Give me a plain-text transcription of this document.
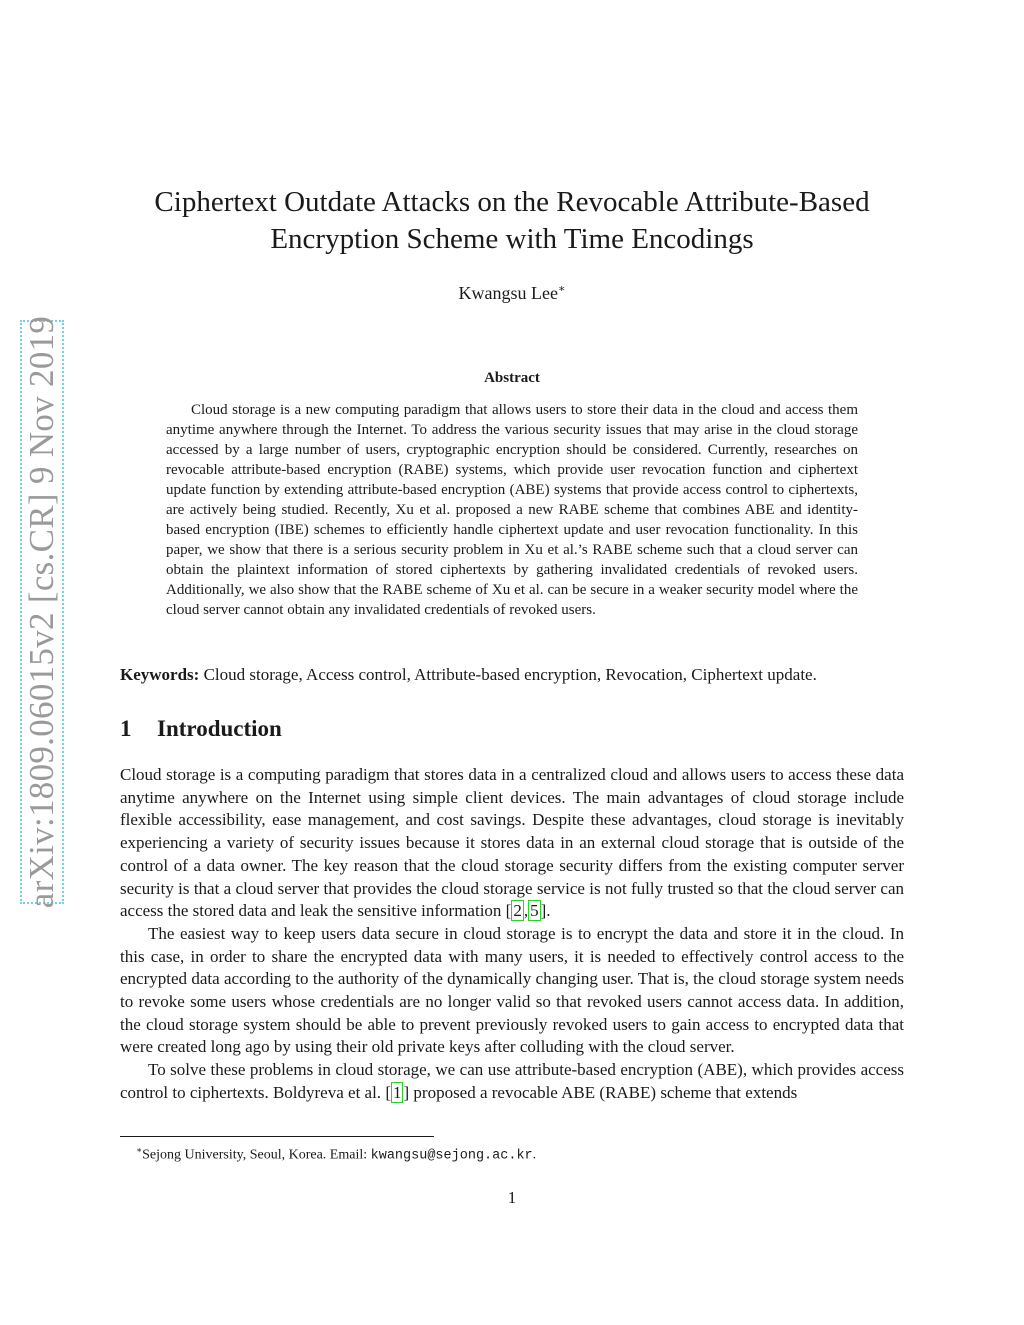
arXiv:1809.06015v2 [cs.CR] 9 Nov 2019
Ciphertext Outdate Attacks on the Revocable Attribute-Based Encryption Scheme with Time Encodings
Kwangsu Lee∗
Abstract

Cloud storage is a new computing paradigm that allows users to store their data in the cloud and access them anytime anywhere through the Internet. To address the various security issues that may arise in the cloud storage accessed by a large number of users, cryptographic encryption should be considered. Currently, researches on revocable attribute-based encryption (RABE) systems, which provide user revocation function and ciphertext update function by extending attribute-based encryption (ABE) systems that provide access control to ciphertexts, are actively being studied. Recently, Xu et al. proposed a new RABE scheme that combines ABE and identity-based encryption (IBE) schemes to efficiently handle ciphertext update and user revocation functionality. In this paper, we show that there is a serious security problem in Xu et al.’s RABE scheme such that a cloud server can obtain the plaintext information of stored ciphertexts by gathering invalidated credentials of revoked users. Additionally, we also show that the RABE scheme of Xu et al. can be secure in a weaker security model where the cloud server cannot obtain any invalidated credentials of revoked users.

Keywords: Cloud storage, Access control, Attribute-based encryption, Revocation, Ciphertext update.
1 Introduction

Cloud storage is a computing paradigm that stores data in a centralized cloud and allows users to access these data anytime anywhere on the Internet using simple client devices. The main advantages of cloud storage include flexible accessibility, ease management, and cost savings. Despite these advantages, cloud storage is inevitably experiencing a variety of security issues because it stores data in an external cloud storage that is outside of the control of a data owner. The key reason that the cloud storage security differs from the existing computer server security is that a cloud server that provides the cloud storage service is not fully trusted so that the cloud server can access the stored data and leak the sensitive information [ 2 , 5 ].

The easiest way to keep users data secure in cloud storage is to encrypt the data and store it in the cloud. In this case, in order to share the encrypted data with many users, it is needed to effectively control access to the encrypted data according to the authority of the dynamically changing user. That is, the cloud storage system needs to revoke some users whose credentials are no longer valid so that revoked users cannot access data. In addition, the cloud storage system should be able to prevent previously revoked users to gain access to encrypted data that were created long ago by using their old private keys after colluding with the cloud server.

To solve these problems in cloud storage, we can use attribute-based encryption (ABE), which provides access control to ciphertexts. Boldyreva et al. [ 1 ] proposed a revocable ABE (RABE) scheme that extends

∗Sejong University, Seoul, Korea. Email: kwangsu@sejong.ac.kr.
1
